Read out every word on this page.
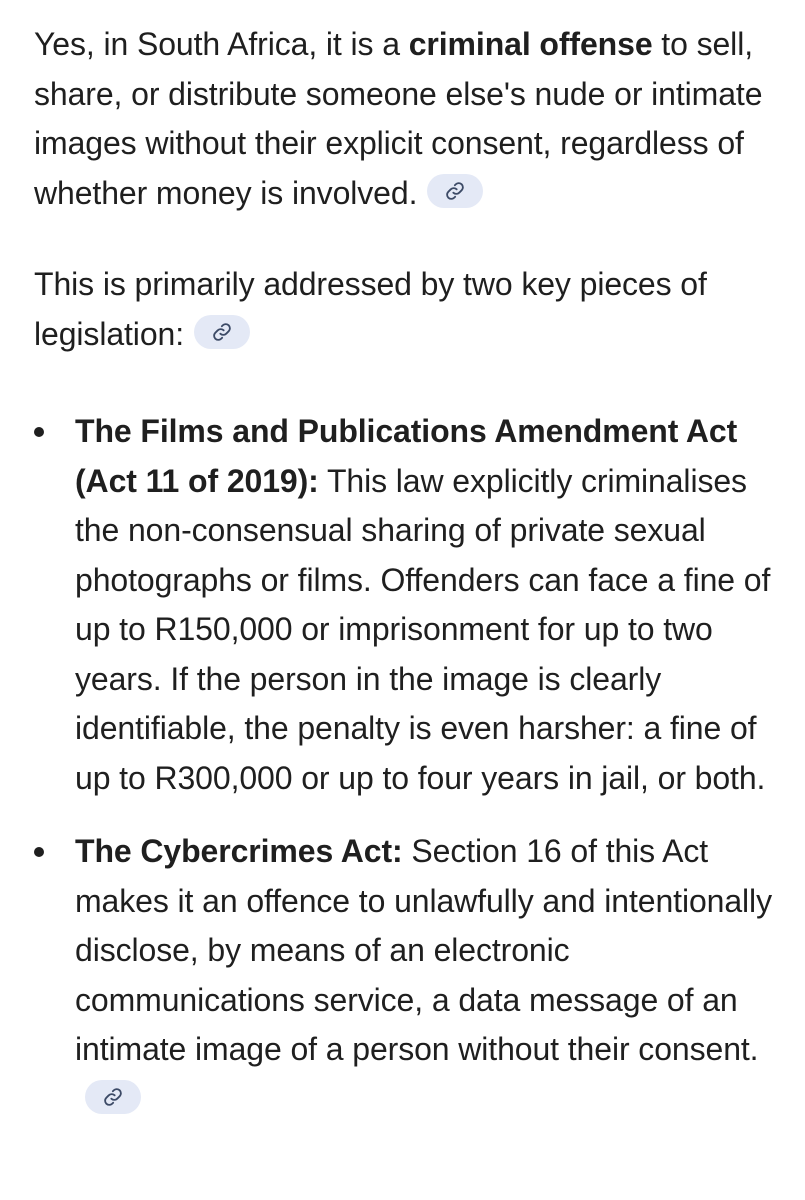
Yes, in South Africa, it is a criminal offense to sell, share, or distribute someone else's nude or intimate images without their explicit consent, regardless of whether money is involved.

This is primarily addressed by two key pieces of legislation:

The Films and Publications Amendment Act (Act 11 of 2019): This law explicitly criminalises the non-consensual sharing of private sexual photographs or films. Offenders can face a fine of up to R150,000 or imprisonment for up to two years. If the person in the image is clearly identifiable, the penalty is even harsher: a fine of up to R300,000 or up to four years in jail, or both.
The Cybercrimes Act: Section 16 of this Act makes it an offence to unlawfully and intentionally disclose, by means of an electronic communications service, a data message of an intimate image of a person without their consent.
